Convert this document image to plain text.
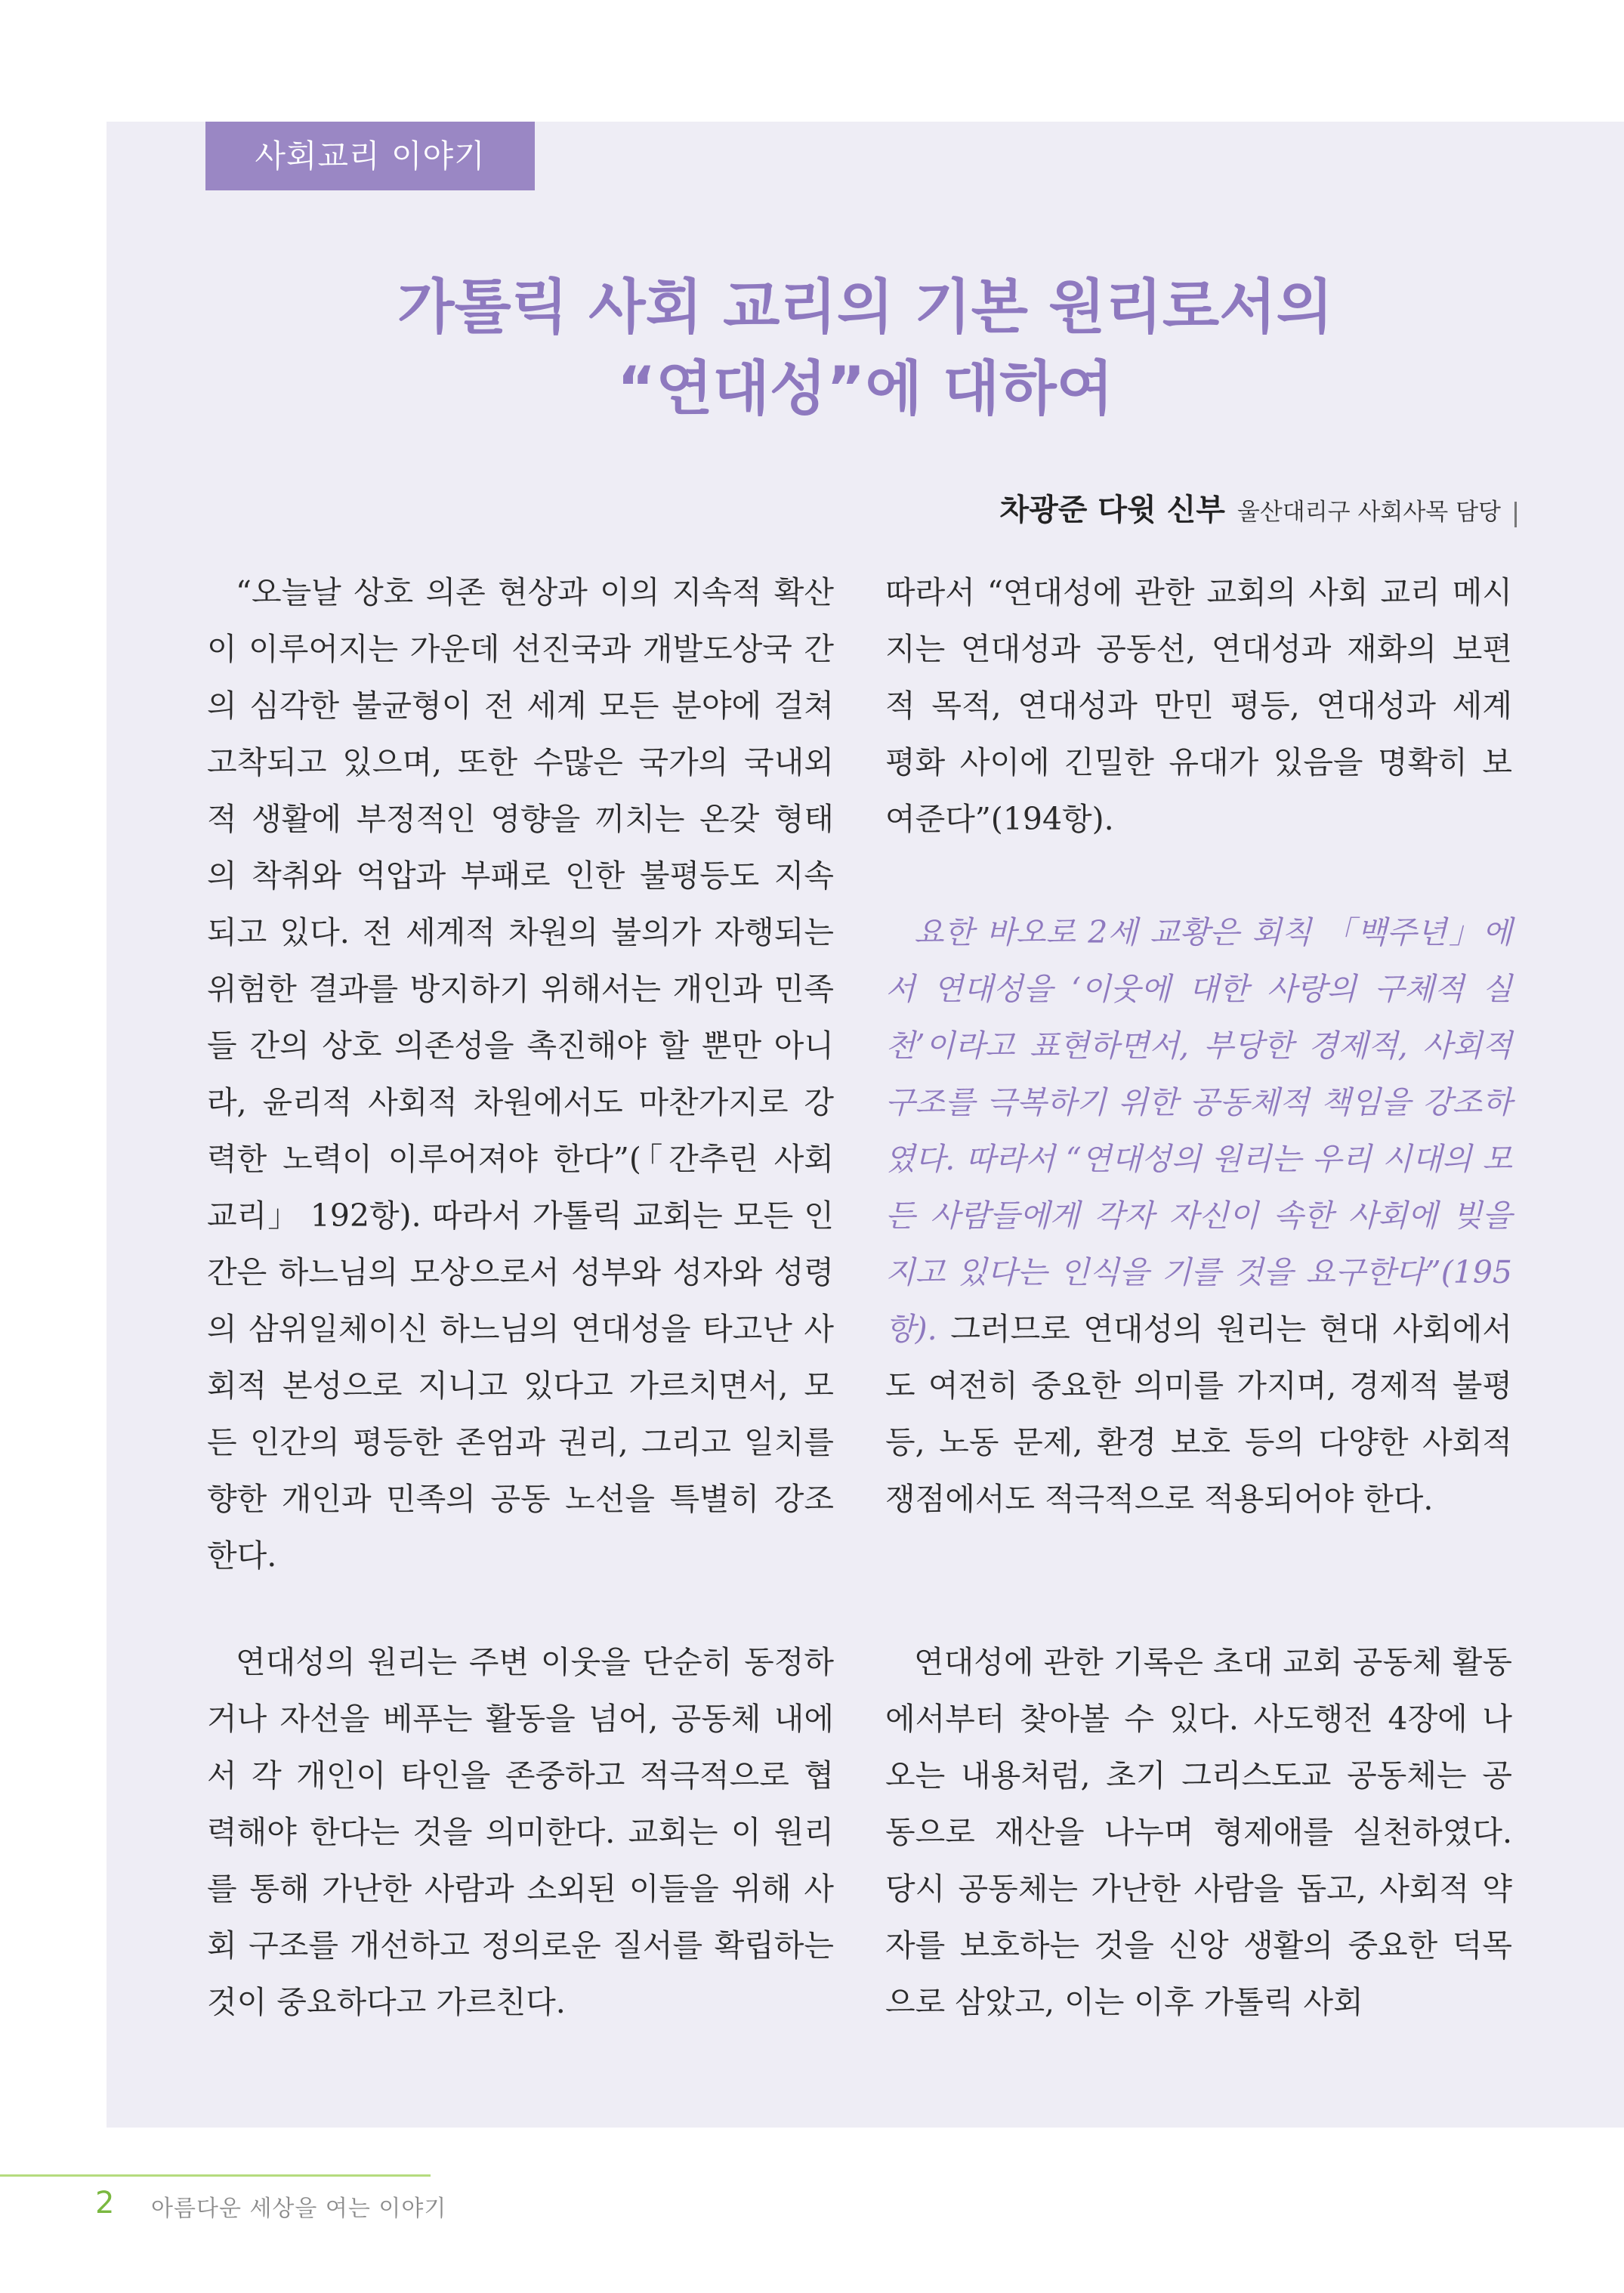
사회교리 이야기
가톨릭 사회 교리의 기본 원리로서의
“연대성”에 대하여
차광준 다윗 신부 울산대리구 사회사목 담당

“오늘날 상호 의존 현상과 이의 지속적 확산이 이루어지는 가운데 선진국과 개발도상국 간의 심각한 불균형이 전 세계 모든 분야에 걸쳐 고착되고 있으며, 또한 수많은 국가의 국내외적 생활에 부정적인 영향을 끼치는 온갖 형태의 착취와 억압과 부패로 인한 불평등도 지속되고 있다. 전 세계적 차원의 불의가 자행되는 위험한 결과를 방지하기 위해서는 개인과 민족들 간의 상호 의존성을 촉진해야 할 뿐만 아니라, 윤리적 사회적 차원에서도 마찬가지로 강력한 노력이 이루어져야 한다”(「간추린 사회 교리」 192항). 따라서 가톨릭 교회는 모든 인간은 하느님의 모상으로서 성부와 성자와 성령의 삼위일체이신 하느님의 연대성을 타고난 사회적 본성으로 지니고 있다고 가르치면서, 모든 인간의 평등한 존엄과 권리, 그리고 일치를 향한 개인과 민족의 공동 노선을 특별히 강조한다.

연대성의 원리는 주변 이웃을 단순히 동정하거나 자선을 베푸는 활동을 넘어, 공동체 내에서 각 개인이 타인을 존중하고 적극적으로 협력해야 한다는 것을 의미한다. 교회는 이 원리를 통해 가난한 사람과 소외된 이들을 위해 사회 구조를 개선하고 정의로운 질서를 확립하는 것이 중요하다고 가르친다.

따라서 “연대성에 관한 교회의 사회 교리 메시지는 연대성과 공동선, 연대성과 재화의 보편적 목적, 연대성과 만민 평등, 연대성과 세계 평화 사이에 긴밀한 유대가 있음을 명확히 보여준다”(194항).

요한 바오로 2세 교황은 회칙 「백주년」에서 연대성을 ‘이웃에 대한 사랑의 구체적 실천’이라고 표현하면서, 부당한 경제적, 사회적 구조를 극복하기 위한 공동체적 책임을 강조하였다. 따라서 “연대성의 원리는 우리 시대의 모든 사람들에게 각자 자신이 속한 사회에 빚을 지고 있다는 인식을 기를 것을 요구한다”(195항). 그러므로 연대성의 원리는 현대 사회에서도 여전히 중요한 의미를 가지며, 경제적 불평등, 노동 문제, 환경 보호 등의 다양한 사회적 쟁점에서도 적극적으로 적용되어야 한다.

연대성에 관한 기록은 초대 교회 공동체 활동에서부터 찾아볼 수 있다. 사도행전 4장에 나오는 내용처럼, 초기 그리스도교 공동체는 공동으로 재산을 나누며 형제애를 실천하였다. 당시 공동체는 가난한 사람을 돕고, 사회적 약자를 보호하는 것을 신앙 생활의 중요한 덕목으로 삼았고, 이는 이후 가톨릭 사회

2 아름다운 세상을 여는 이야기
